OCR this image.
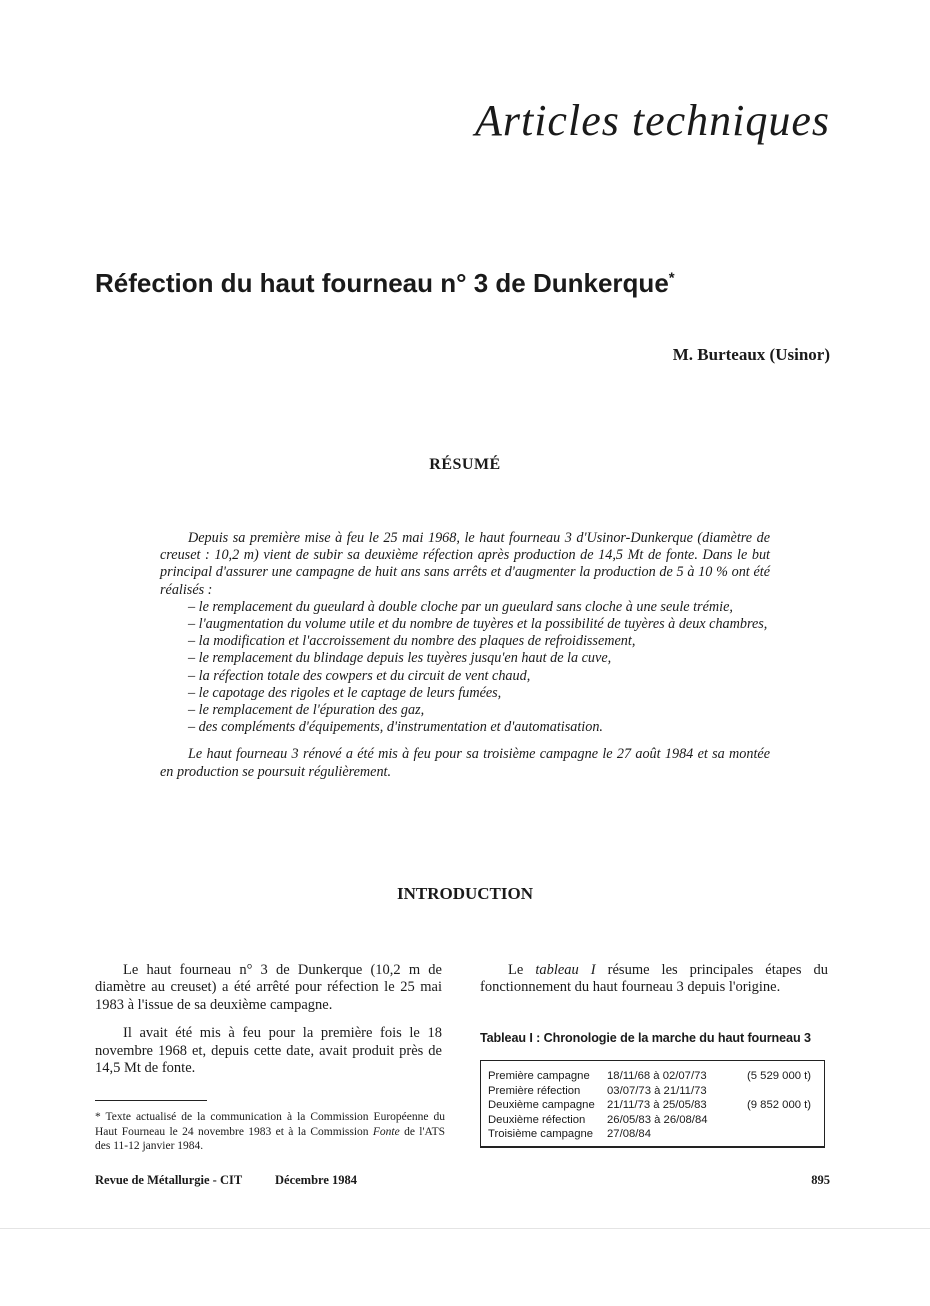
Articles techniques
Réfection du haut fourneau n° 3 de Dunkerque*
M. Burteaux (Usinor)
RÉSUMÉ

Depuis sa première mise à feu le 25 mai 1968, le haut fourneau 3 d'Usinor-Dunkerque (diamètre de creuset : 10,2 m) vient de subir sa deuxième réfection après production de 14,5 Mt de fonte. Dans le but principal d'assurer une campagne de huit ans sans arrêts et d'augmenter la production de 5 à 10 % ont été réalisés :

– le remplacement du gueulard à double cloche par un gueulard sans cloche à une seule trémie,
– l'augmentation du volume utile et du nombre de tuyères et la possibilité de tuyères à deux chambres,
– la modification et l'accroissement du nombre des plaques de refroidissement,
– le remplacement du blindage depuis les tuyères jusqu'en haut de la cuve,
– la réfection totale des cowpers et du circuit de vent chaud,
– le capotage des rigoles et le captage de leurs fumées,
– le remplacement de l'épuration des gaz,
– des compléments d'équipements, d'instrumentation et d'automatisation.

Le haut fourneau 3 rénové a été mis à feu pour sa troisième campagne le 27 août 1984 et sa montée en production se poursuit régulièrement.

INTRODUCTION

Le haut fourneau n° 3 de Dunkerque (10,2 m de diamètre au creuset) a été arrêté pour réfection le 25 mai 1983 à l'issue de sa deuxième campagne.

Il avait été mis à feu pour la première fois le 18 novembre 1968 et, depuis cette date, avait produit près de 14,5 Mt de fonte.

Le tableau I résume les principales étapes du fonctionnement du haut fourneau 3 depuis l'origine.

Tableau I : Chronologie de la marche du haut fourneau 3
Première campagne 18/11/68 à 02/07/73	(5 529 000 t)
Première réfection 03/07/73 à 21/11/73
Deuxième campagne 21/11/73 à 25/05/83	(9 852 000 t)
Deuxième réfection 26/05/83 à 26/08/84
Troisième campagne 27/08/84
* Texte actualisé de la communication à la Commission Européenne du Haut Fourneau le 24 novembre 1983 et à la Commission Fonte de l'ATS des 11-12 janvier 1984.
Revue de Métallurgie - CIT	Décembre 1984	895
